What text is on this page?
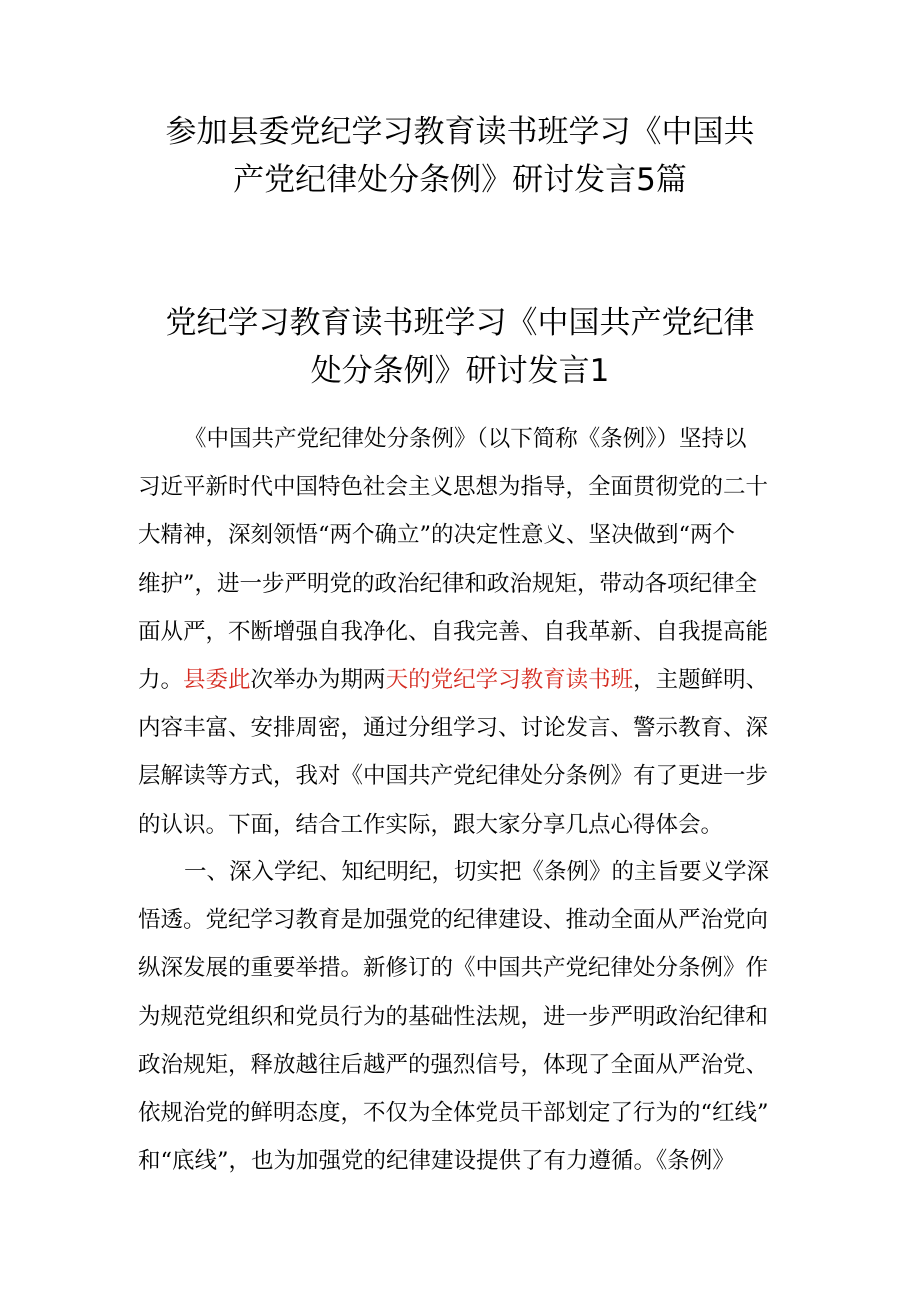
参加县委党纪学习教育读书班学习《中国共
产党纪律处分条例》研讨发言5篇
党纪学习教育读书班学习《中国共产党纪律
处分条例》研讨发言1
《中国共产党纪律处分条例》（以下简称《条例》）坚持以
习近平新时代中国特色社会主义思想为指导，全面贯彻党的二十
大精神，深刻领悟“两个确立”的决定性意义、坚决做到“两个
维护”，进一步严明党的政治纪律和政治规矩，带动各项纪律全
面从严，不断增强自我净化、自我完善、自我革新、自我提高能
力。县委此次举办为期两天的党纪学习教育读书班，主题鲜明、
内容丰富、安排周密，通过分组学习、讨论发言、警示教育、深
层解读等方式，我对《中国共产党纪律处分条例》有了更进一步
的认识。下面，结合工作实际，跟大家分享几点心得体会。
一、深入学纪、知纪明纪，切实把《条例》的主旨要义学深
悟透。党纪学习教育是加强党的纪律建设、推动全面从严治党向
纵深发展的重要举措。新修订的《中国共产党纪律处分条例》作
为规范党组织和党员行为的基础性法规，进一步严明政治纪律和
政治规矩，释放越往后越严的强烈信号，体现了全面从严治党、
依规治党的鲜明态度，不仅为全体党员干部划定了行为的“红线”
和“底线”，也为加强党的纪律建设提供了有力遵循。《条例》
